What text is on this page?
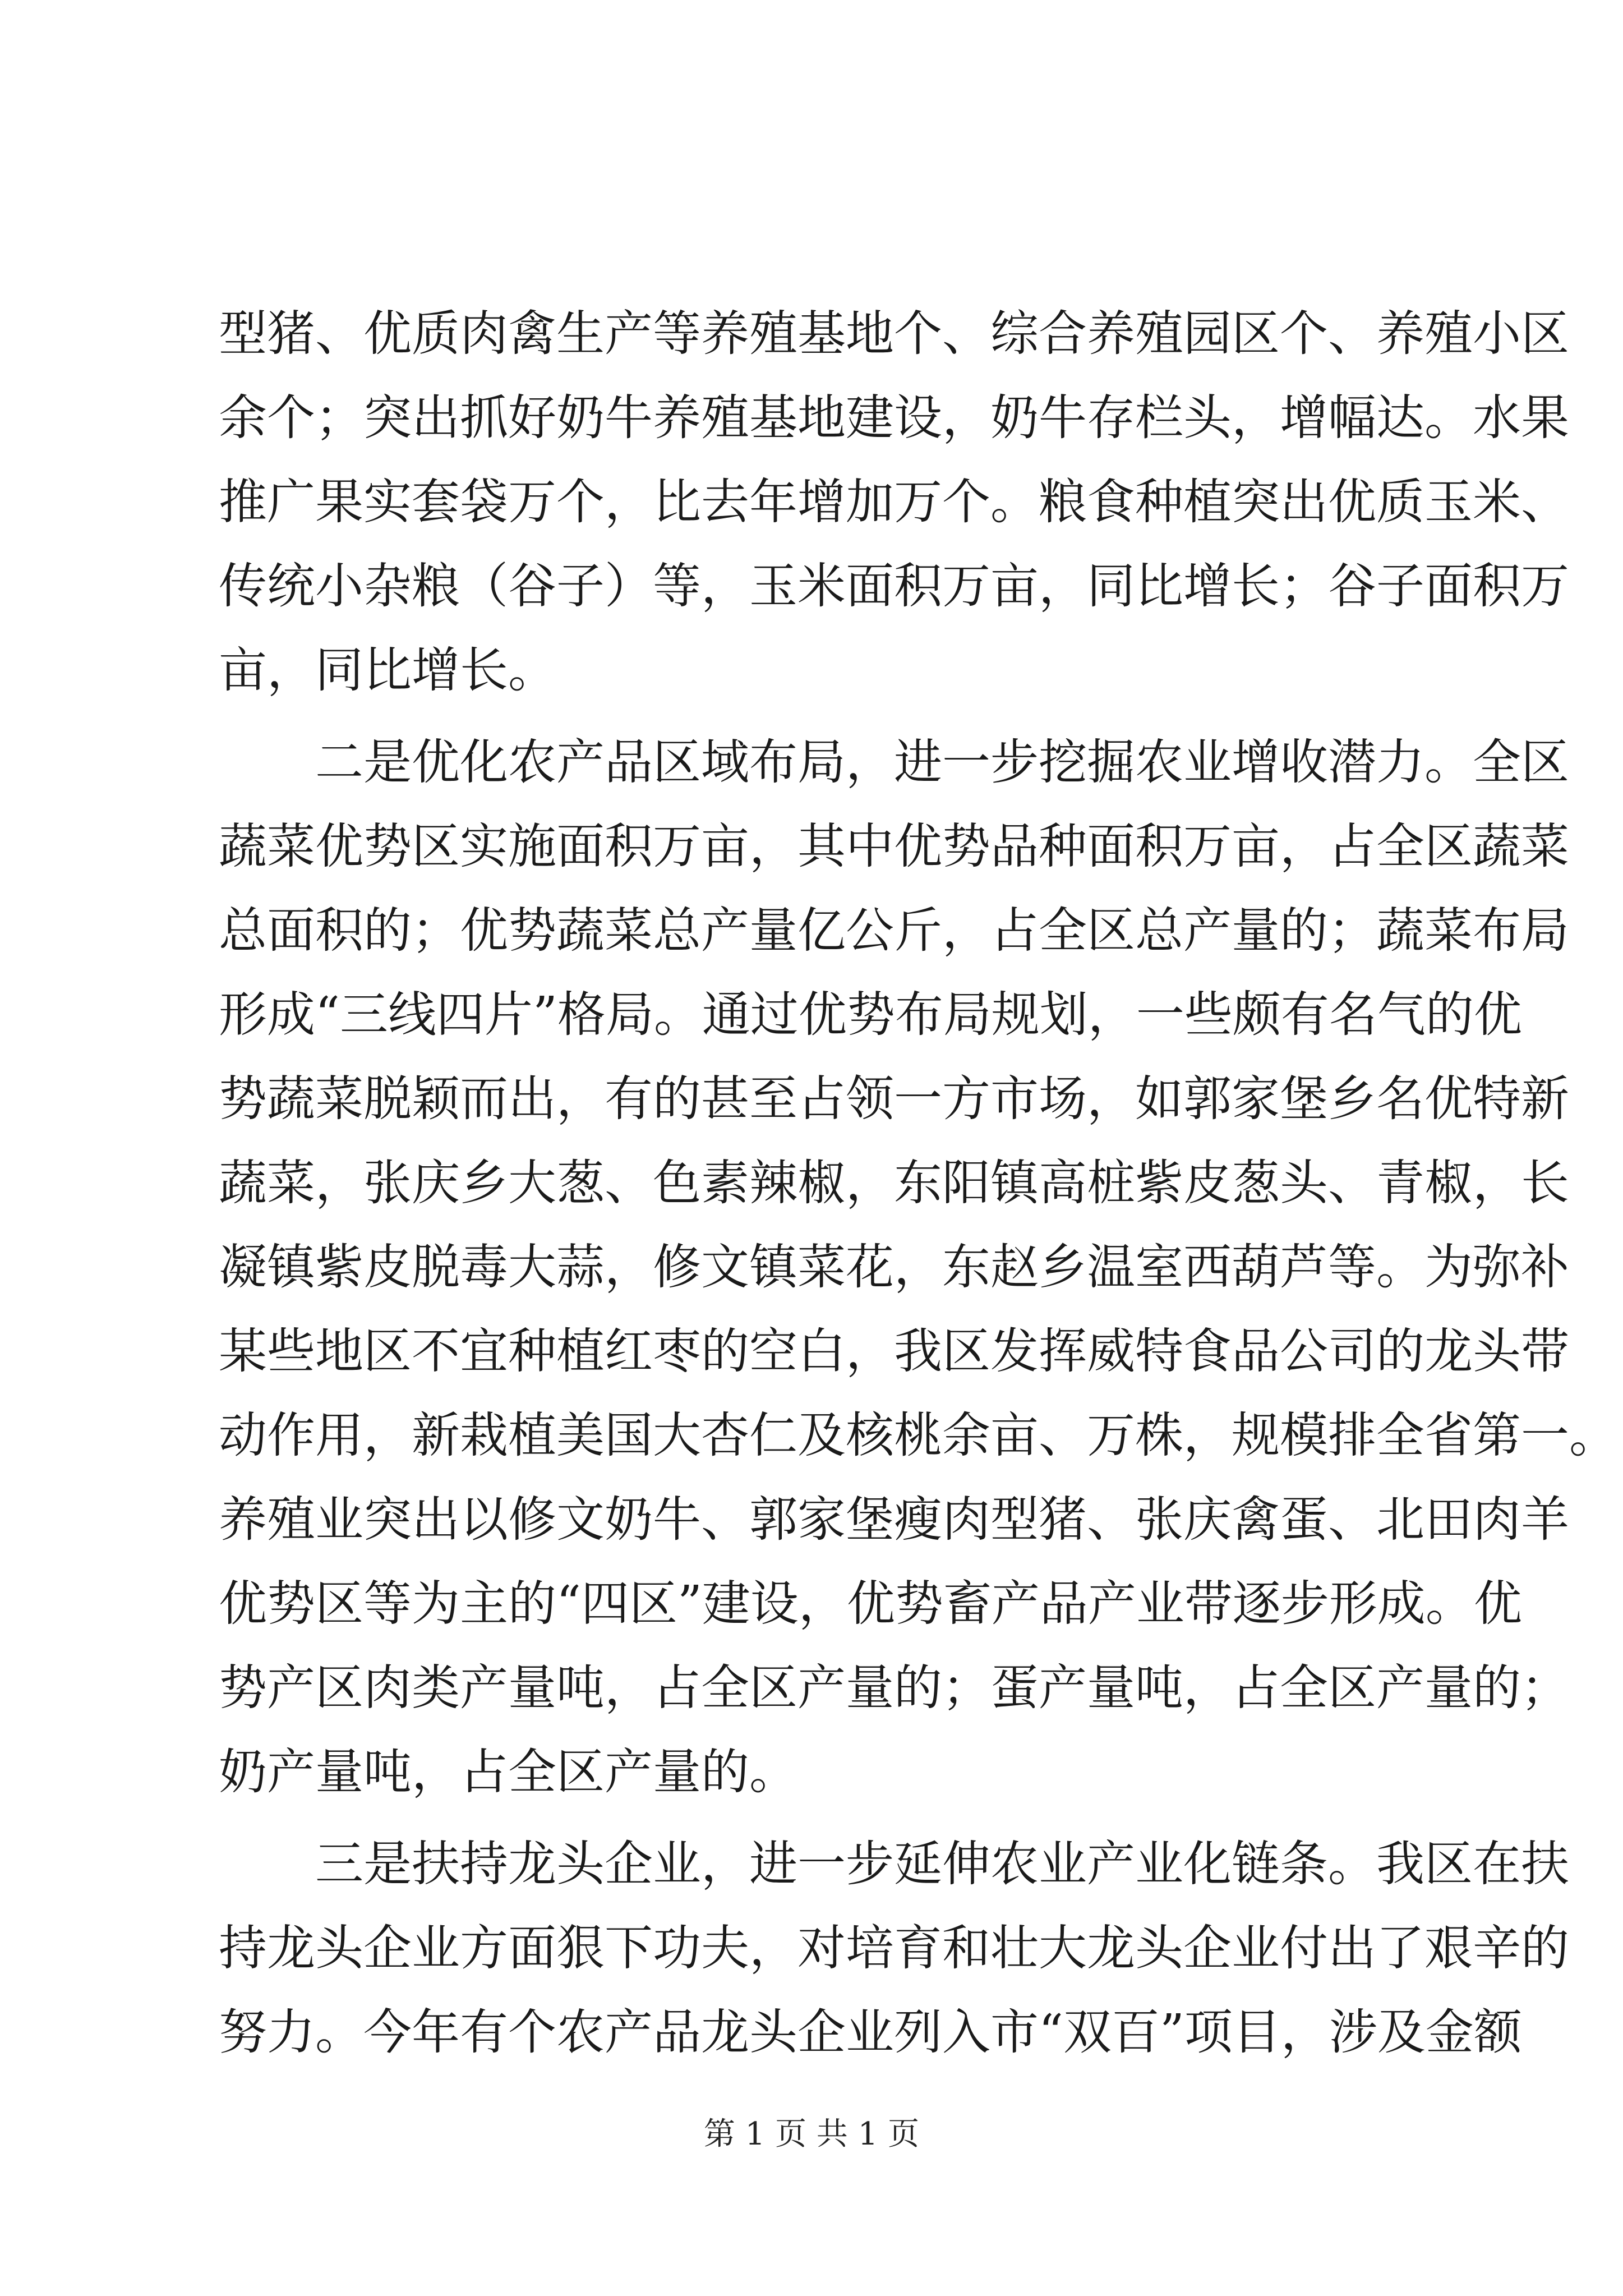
型猪、优质肉禽生产等养殖基地个、综合养殖园区个、养殖小区
余个；突出抓好奶牛养殖基地建设，奶牛存栏头，增幅达。水果
推广果实套袋万个，比去年增加万个。粮食种植突出优质玉米、
传统小杂粮（谷子）等，玉米面积万亩，同比增长；谷子面积万
亩，同比增长。
二是优化农产品区域布局，进一步挖掘农业增收潜力。全区
蔬菜优势区实施面积万亩，其中优势品种面积万亩，占全区蔬菜
总面积的；优势蔬菜总产量亿公斤，占全区总产量的；蔬菜布局
形成“三线四片”格局。通过优势布局规划，一些颇有名气的优
势蔬菜脱颖而出，有的甚至占领一方市场，如郭家堡乡名优特新
蔬菜，张庆乡大葱、色素辣椒，东阳镇高桩紫皮葱头、青椒，长
凝镇紫皮脱毒大蒜，修文镇菜花，东赵乡温室西葫芦等。为弥补
某些地区不宜种植红枣的空白，我区发挥威特食品公司的龙头带
动作用，新栽植美国大杏仁及核桃余亩、万株，规模排全省第一。
养殖业突出以修文奶牛、郭家堡瘦肉型猪、张庆禽蛋、北田肉羊
优势区等为主的“四区”建设，优势畜产品产业带逐步形成。优
势产区肉类产量吨，占全区产量的；蛋产量吨，占全区产量的；
奶产量吨，占全区产量的。
三是扶持龙头企业，进一步延伸农业产业化链条。我区在扶
持龙头企业方面狠下功夫，对培育和壮大龙头企业付出了艰辛的
努力。今年有个农产品龙头企业列入市“双百”项目，涉及金额
第 1 页 共 1 页
